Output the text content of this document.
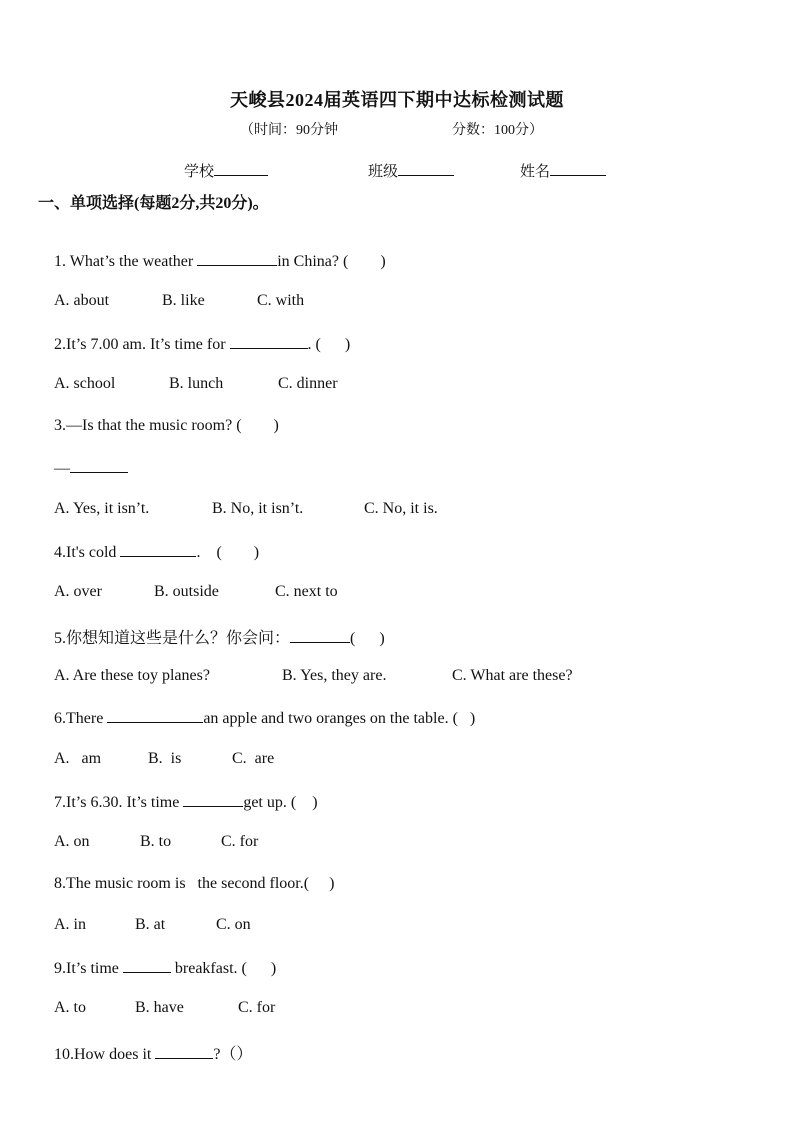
天峻县2024届英语四下期中达标检测试题
（时间：90分钟	分数：100分）
学校	班级	姓名
一、单项选择(每题2分,共20分)。

1. What’s the weather	in China? (        )

A. about	B. like	C. with

2.It’s 7.00 am. It’s time for	. (      )

A. school	B. lunch	C. dinner

3.—Is that the music room? (        )

—

A. Yes, it isn’t.	B. No, it isn’t.	C. No, it is.

4.It's cold	.    (        )

A. over	B. outside	C. next to

5.你想知道这些是什么？你会问：	(      )

A. Are these toy planes?	B. Yes, they are.	C. What are these?

6.There	an apple and two oranges on the table. (   )

A.   am	B.  is	C.  are

7.It’s 6.30. It’s time	get up. (    )

A. on	B. to	C. for

8.The music room is   the second floor.(     )

A. in	B. at	C. on

9.It’s time	breakfast. (      )

A. to	B. have	C. for

10.How does it	?（）
